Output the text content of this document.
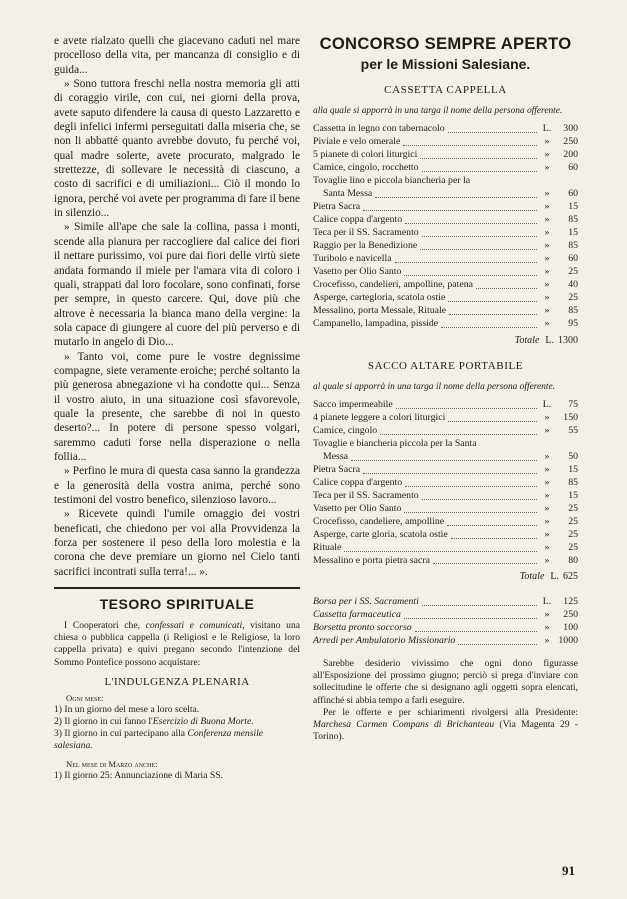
e avete rialzato quelli che giacevano caduti nel mare procelloso della vita, per mancanza di consiglio e di guida...

» Sono tuttora freschi nella nostra memoria gli atti di coraggio virile, con cui, nei giorni della prova, avete saputo difendere la causa di questo Lazzaretto e degli infelici infermi perseguitati dalla miseria che, se non li abbatté quanto avrebbe dovuto, fu perché voi, qual madre solerte, avete procurato, malgrado le strettezze, di sollevare le necessità di ciascuno, a costo di sacrifici e di umiliazioni... Ciò il mondo lo ignora, perché voi avete per programma di fare il bene in silenzio...

» Simile all'ape che sale la collina, passa i monti, scende alla pianura per raccogliere dal calice dei fiori il nettare purissimo, voi pure dai fiori delle virtù siete andata formando il miele per l'amara vita di coloro i quali, strappati dal loro focolare, sono confinati, forse per sempre, in questo carcere. Qui, dove più che altrove è necessaria la bianca mano della vergine: la sola capace di giungere al cuore del più perverso e di mutarlo in angelo di Dio...

» Tanto voi, come pure le vostre degnissime compagne, siete veramente eroiche; perché soltanto la più generosa abnegazione vi ha condotte qui... Senza il vostro aiuto, in una situazione così sfavorevole, quale la presente, che sarebbe di noi in questo deserto?... In potere di persone spesso volgari, saremmo caduti forse nella disperazione o nella follia...

» Perfino le mura di questa casa sanno la grandezza e la generosità della vostra anima, perché sono testimoni del vostro benefico, silenzioso lavoro...

» Ricevete quindi l'umile omaggio dei vostri beneficati, che chiedono per voi alla Provvidenza la forza per sostenere il peso della loro molestia e la corona che deve premiare un giorno nel Cielo tanti sacrifici incontrati sulla terra!... ».

TESORO SPIRITUALE

I Cooperatori che, confessati e comunicati, visitano una chiesa o pubblica cappella (i Religiosi e le Religiose, la loro cappella privata) e quivi pregano secondo l'intenzione del Sommo Pontefice possono acquistare:

L'INDULGENZA PLENARIA
Ogni mese:
1) In un giorno del mese a loro scelta.
2) Il giorno in cui fanno l'Esercizio di Buona Morte.
3) Il giorno in cui partecipano alla Conferenza mensile salesiana.
Nel mese di Marzo anche:
1) Il giorno 25: Annunciazione di Maria SS.
CONCORSO SEMPRE APERTO
per le Missioni Salesiane.
CASSETTA CAPPELLA
alla quale si apporrà in una targa il nome della persona offerente.
Cassetta in legno con tabernacolo	L.	300
Piviale e velo omerale	»	250
5 pianete di colori liturgici	»	200
Camice, cingolo, rocchetto	»	60
Tovaglie lino e piccola biancheria per la
Santa Messa	»	60
Pietra Sacra	»	15
Calice coppa d'argento	»	85
Teca per il SS. Sacramento	»	15
Raggio per la Benedizione	»	85
Turibolo e navicella	»	60
Vasetto per Olio Santo	»	25
Crocefisso, candelieri, ampolline, patena	»	40
Asperge, cartegloria, scatola ostie	»	25
Messalino, porta Messale, Rituale	»	85
Campanello, lampadina, pisside	»	95
Totale L. 1300
SACCO ALTARE PORTABILE
al quale si apporrà in una targa il nome della persona offerente.
Sacco impermeabile	L.	75
4 pianete leggere a colori liturgici	»	150
Camice, cingolo	»	55
Tovaglie e biancheria piccola per la Santa
Messa	»	50
Pietra Sacra	»	15
Calice coppa d'argento	»	85
Teca per il SS. Sacramento	»	15
Vasetto per Olio Santo	»	25
Crocefisso, candeliere, ampolline	»	25
Asperge, carte gloria, scatola ostie	»	25
Rituale	»	25
Messalino e porta pietra sacra	»	80
Totale L. 625
Borsa per i SS. Sacramenti	L.	125
Cassetta farmaceutica	»	250
Borsetta pronto soccorso	»	100
Arredi per Ambulatorio Missionario	» 1000

Sarebbe desiderio vivissimo che ogni dono figurasse all'Esposizione del prossimo giugno; perciò si prega d'inviare con sollecitudine le offerte che si designano agli oggetti sopra elencati, affinché si abbia tempo a farli eseguire.

Per le offerte e per schiarimenti rivolgersi alla Presidente: Marchesa Carmen Compans di Brichanteau (Via Magenta 29 - Torino).

91
